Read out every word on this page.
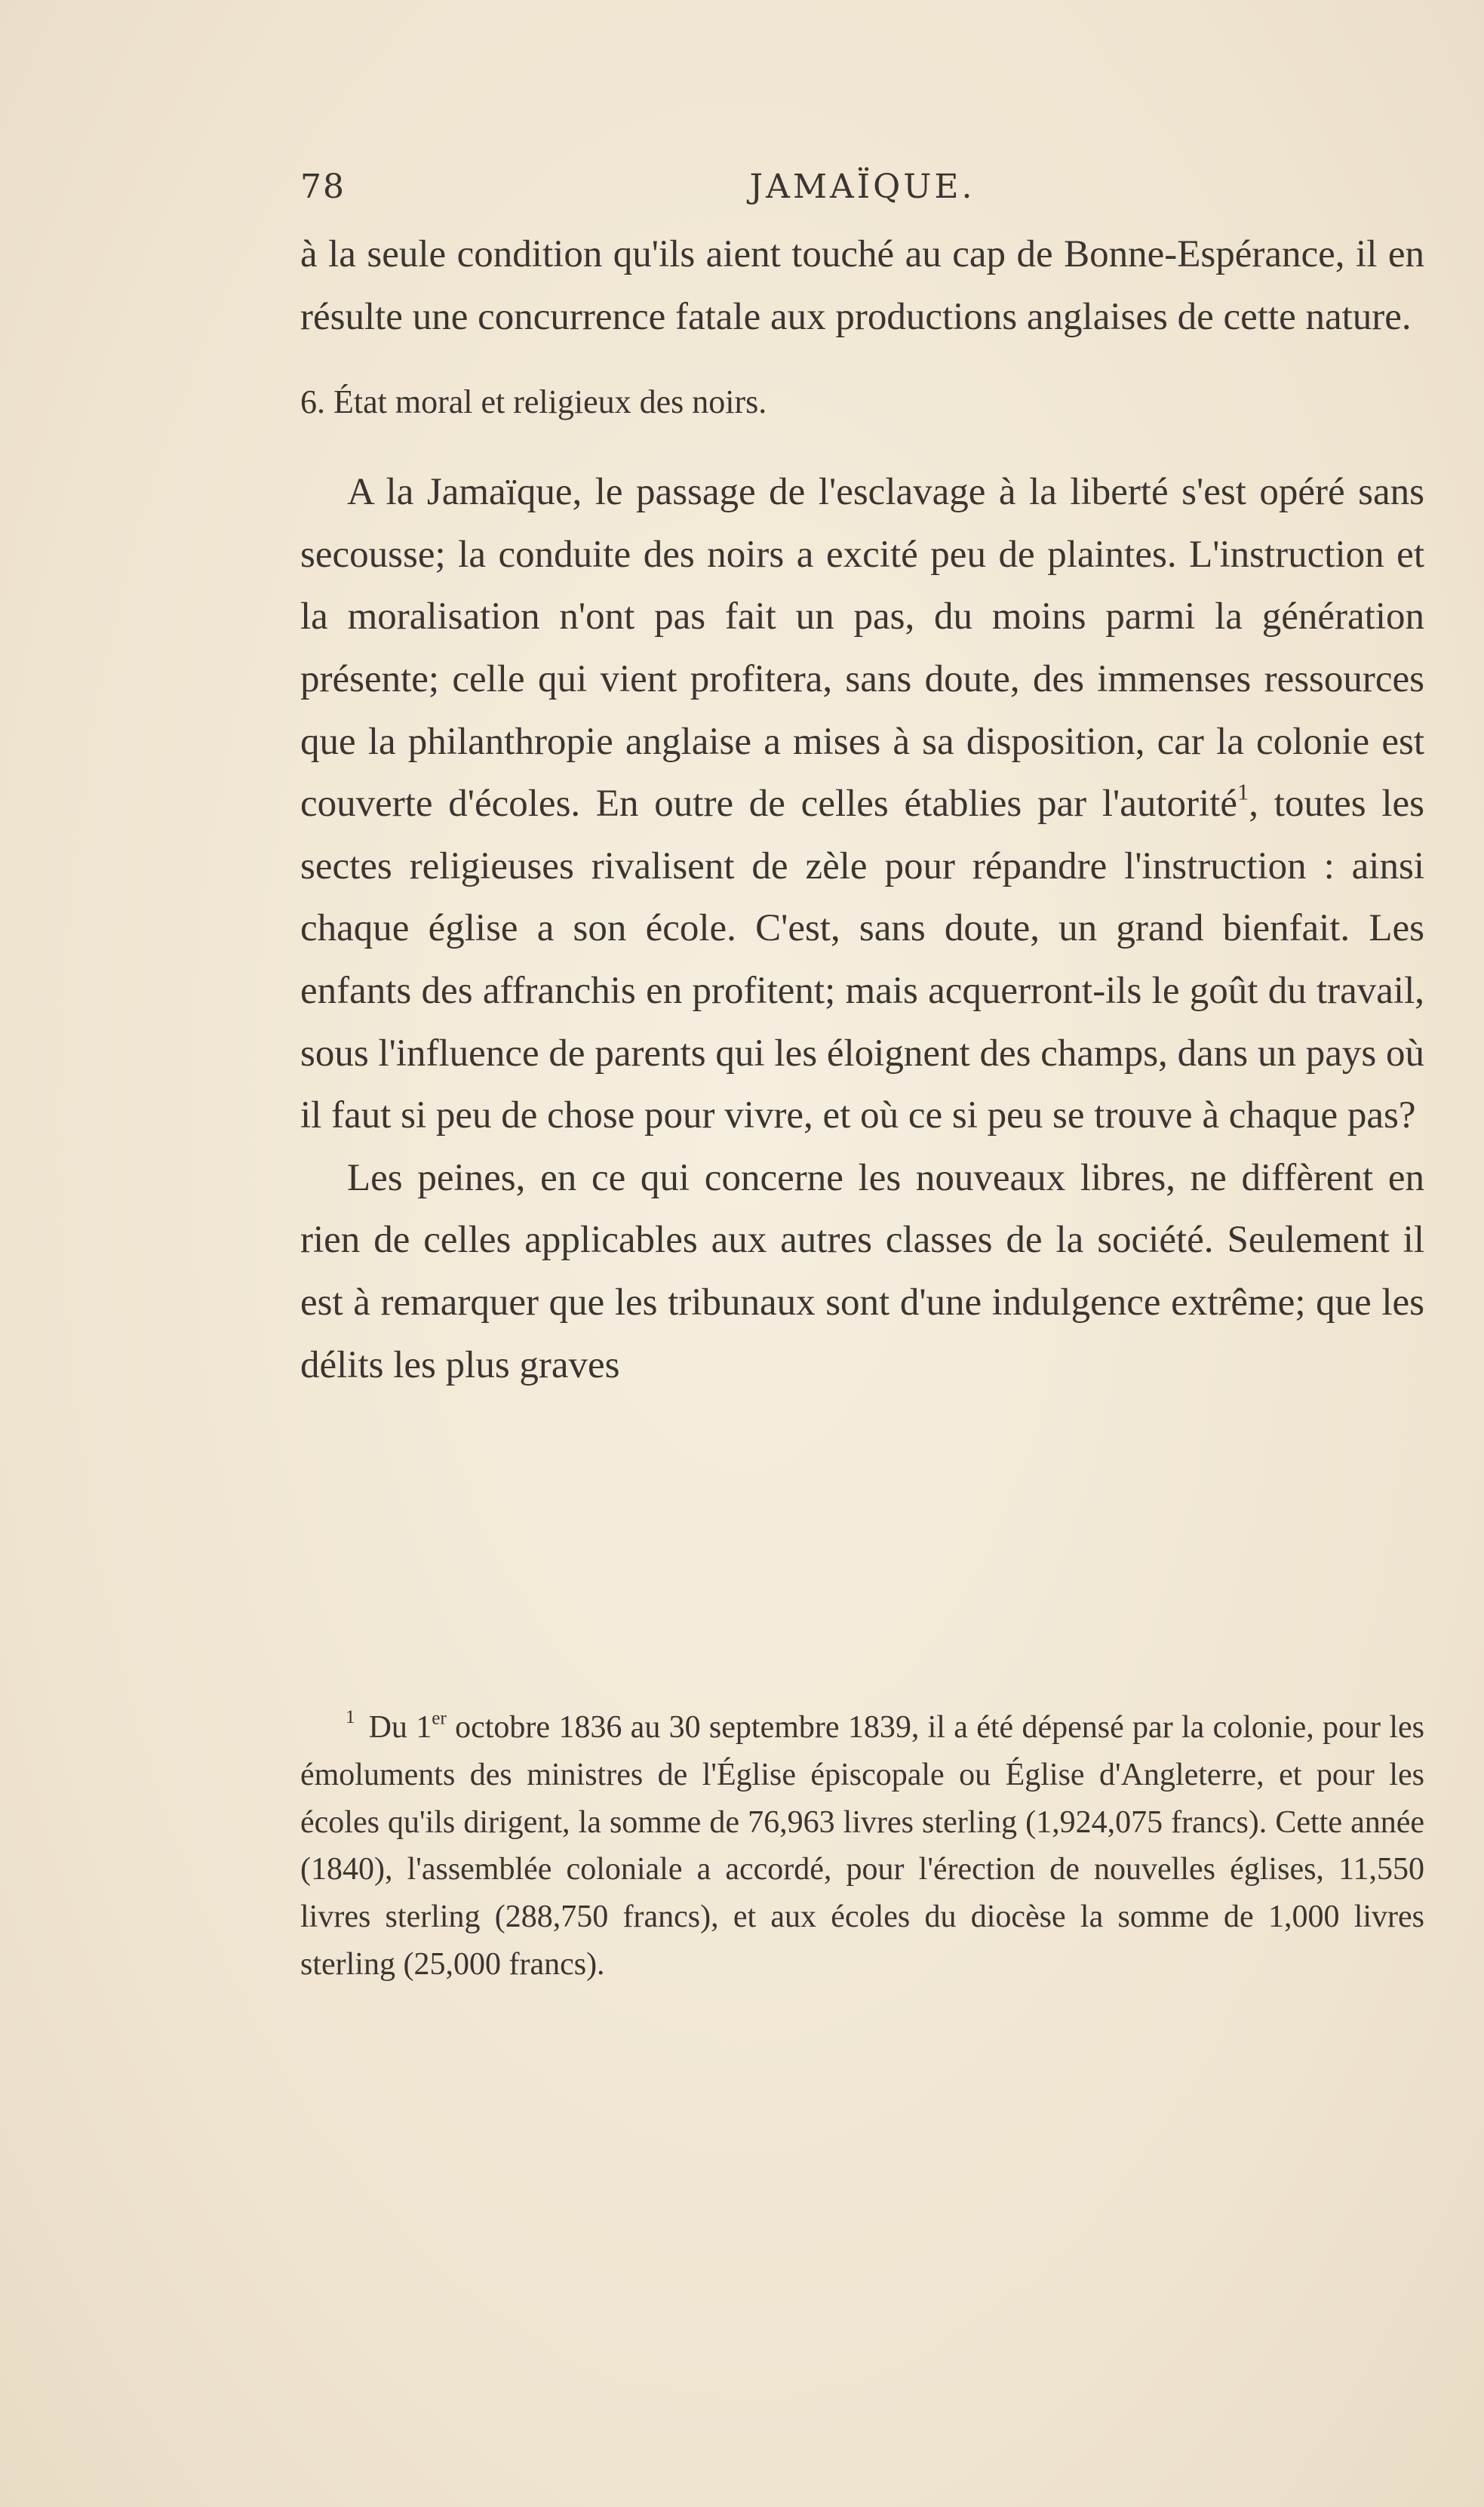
78	JAMAÏQUE.

à la seule condition qu'ils aient touché au cap de Bonne-Espérance, il en résulte une concurrence fatale aux productions anglaises de cette nature.

6. État moral et religieux des noirs.

A la Jamaïque, le passage de l'esclavage à la liberté s'est opéré sans secousse; la conduite des noirs a excité peu de plaintes. L'instruction et la moralisation n'ont pas fait un pas, du moins parmi la génération présente; celle qui vient profitera, sans doute, des immenses ressources que la philanthropie anglaise a mises à sa disposition, car la colonie est couverte d'écoles. En outre de celles établies par l'autorité$^1$, toutes les sectes religieuses rivalisent de zèle pour répandre l'instruction : ainsi chaque église a son école. C'est, sans doute, un grand bienfait. Les enfants des affranchis en profitent; mais acquerront-ils le goût du travail, sous l'influence de parents qui les éloignent des champs, dans un pays où il faut si peu de chose pour vivre, et où ce si peu se trouve à chaque pas?

Les peines, en ce qui concerne les nouveaux libres, ne diffèrent en rien de celles applicables aux autres classes de la société. Seulement il est à remarquer que les tribunaux sont d'une indulgence extrême; que les délits les plus graves

$^1$ Du 1er octobre 1836 au 30 septembre 1839, il a été dépensé par la colonie, pour les émoluments des ministres de l'Église épiscopale ou Église d'Angleterre, et pour les écoles qu'ils dirigent, la somme de 76,963 livres sterling (1,924,075 francs). Cette année (1840), l'assemblée coloniale a accordé, pour l'érection de nouvelles églises, 11,550 livres sterling (288,750 francs), et aux écoles du diocèse la somme de 1,000 livres sterling (25,000 francs).
